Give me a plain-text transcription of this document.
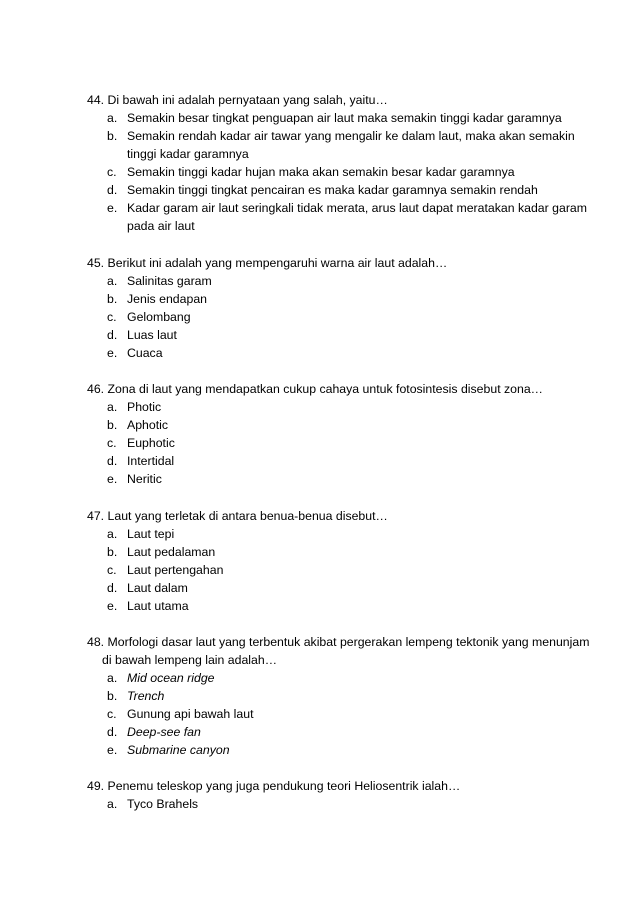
44. Di bawah ini adalah pernyataan yang salah, yaitu…

a. Semakin besar tingkat penguapan air laut maka semakin tinggi kadar garamnya
b. Semakin rendah kadar air tawar yang mengalir ke dalam laut, maka akan semakin
tinggi kadar garamnya
c. Semakin tinggi kadar hujan maka akan semakin besar kadar garamnya
d. Semakin tinggi tingkat pencairan es maka kadar garamnya semakin rendah
e. Kadar garam air laut seringkali tidak merata, arus laut dapat meratakan kadar garam
pada air laut

45. Berikut ini adalah yang mempengaruhi warna air laut adalah…

a. Salinitas garam
b. Jenis endapan
c. Gelombang
d. Luas laut
e. Cuaca

46. Zona di laut yang mendapatkan cukup cahaya untuk fotosintesis disebut zona…

a. Photic
b. Aphotic
c. Euphotic
d. Intertidal
e. Neritic

47. Laut yang terletak di antara benua-benua disebut…

a. Laut tepi
b. Laut pedalaman
c. Laut pertengahan
d. Laut dalam
e. Laut utama

48. Morfologi dasar laut yang terbentuk akibat pergerakan lempeng tektonik yang menunjam
di bawah lempeng lain adalah…

a. Mid ocean ridge
b. Trench
c. Gunung api bawah laut
d. Deep-see fan
e. Submarine canyon

49. Penemu teleskop yang juga pendukung teori Heliosentrik ialah…

a. Tyco Brahels
